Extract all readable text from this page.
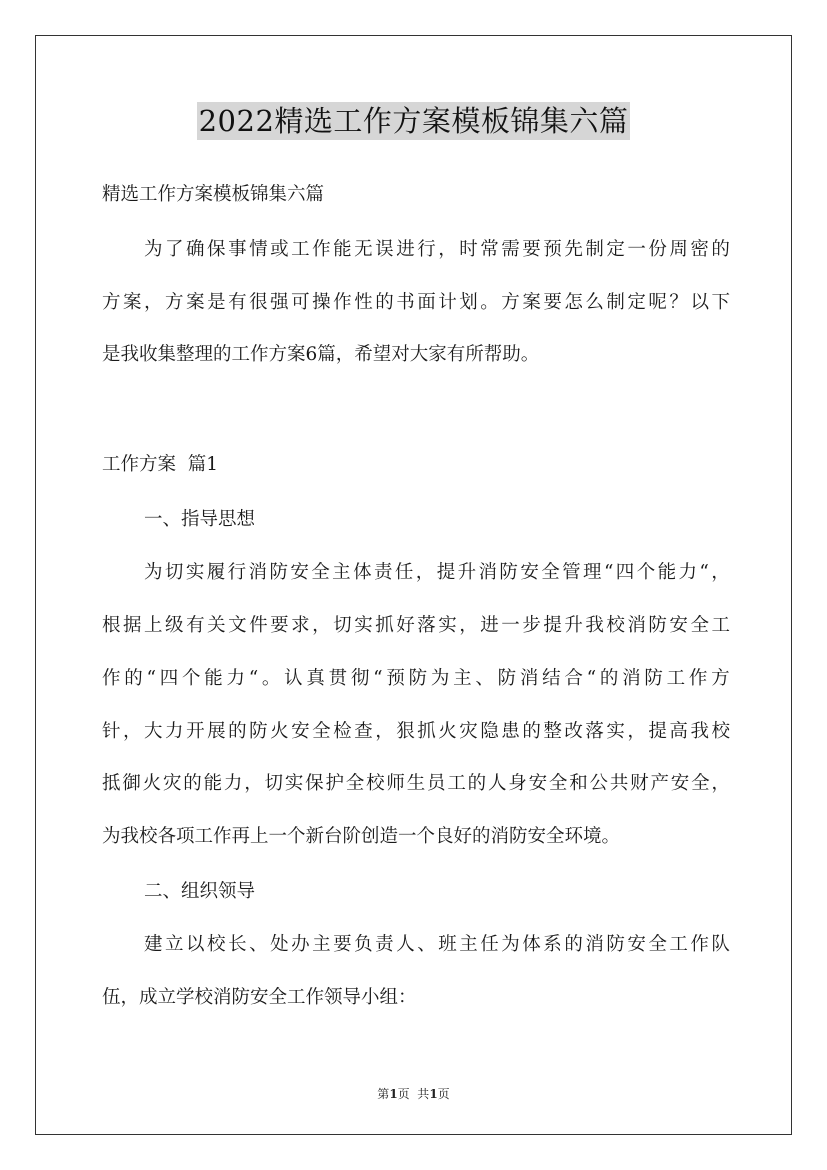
2022精选工作方案模板锦集六篇
精选工作方案模板锦集六篇
为 了 确 保 事 情 或 工 作 能 无 误 进 行 ， 时 常 需 要 预 先 制 定 一 份 周 密 的
方 案 ， 方 案 是 有 很 强 可 操 作 性 的 书 面 计 划 。 方 案 要 怎 么 制 定 呢 ？ 以 下
是我收集整理的工作方案6篇，希望对大家有所帮助。
工作方案  篇1
一、指导思想
为 切 实 履 行 消 防 安 全 主 体 责 任 ， 提 升 消 防 安 全 管 理 “ 四 个 能 力 “ ，
根 据 上 级 有 关 文 件 要 求 ， 切 实 抓 好 落 实 ， 进 一 步 提 升 我 校 消 防 安 全 工
作 的 “ 四 个 能 力 “ 。 认 真 贯 彻 “ 预 防 为 主 、 防 消 结 合 “ 的 消 防 工 作 方
针 ， 大 力 开 展 的 防 火 安 全 检 查 ， 狠 抓 火 灾 隐 患 的 整 改 落 实 ， 提 高 我 校
抵 御 火 灾 的 能 力 ， 切 实 保 护 全 校 师 生 员 工 的 人 身 安 全 和 公 共 财 产 安 全 ，
为我校各项工作再上一个新台阶创造一个良好的消防安全环境。
二、组织领导
建 立 以 校 长 、 处 办 主 要 负 责 人 、 班 主 任 为 体 系 的 消 防 安 全 工 作 队
伍，成立学校消防安全工作领导小组：
第1页  共1页
